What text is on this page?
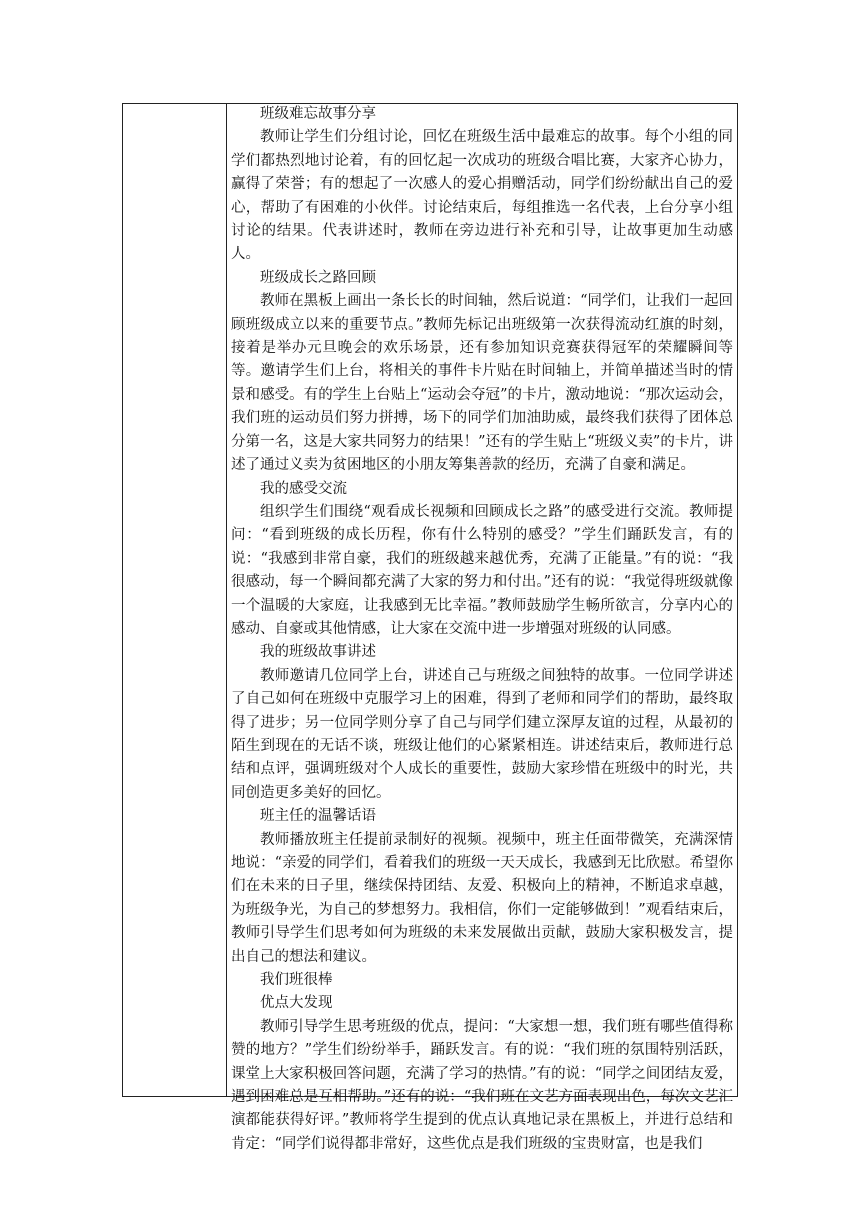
班级难忘故事分享

教师让学生们分组讨论，回忆在班级生活中最难忘的故事。每个小组的同学们都热烈地讨论着，有的回忆起一次成功的班级合唱比赛，大家齐心协力，赢得了荣誉；有的想起了一次感人的爱心捐赠活动，同学们纷纷献出自己的爱心，帮助了有困难的小伙伴。讨论结束后，每组推选一名代表，上台分享小组讨论的结果。代表讲述时，教师在旁边进行补充和引导，让故事更加生动感人。

班级成长之路回顾

教师在黑板上画出一条长长的时间轴，然后说道：“同学们，让我们一起回顾班级成立以来的重要节点。”教师先标记出班级第一次获得流动红旗的时刻，接着是举办元旦晚会的欢乐场景，还有参加知识竞赛获得冠军的荣耀瞬间等等。邀请学生们上台，将相关的事件卡片贴在时间轴上，并简单描述当时的情景和感受。有的学生上台贴上“运动会夺冠”的卡片，激动地说：“那次运动会，我们班的运动员们努力拼搏，场下的同学们加油助威，最终我们获得了团体总分第一名，这是大家共同努力的结果！”还有的学生贴上“班级义卖”的卡片，讲述了通过义卖为贫困地区的小朋友筹集善款的经历，充满了自豪和满足。

我的感受交流

组织学生们围绕“观看成长视频和回顾成长之路”的感受进行交流。教师提问：“看到班级的成长历程，你有什么特别的感受？”学生们踊跃发言，有的说：“我感到非常自豪，我们的班级越来越优秀，充满了正能量。”有的说：“我很感动，每一个瞬间都充满了大家的努力和付出。”还有的说：“我觉得班级就像一个温暖的大家庭，让我感到无比幸福。”教师鼓励学生畅所欲言，分享内心的感动、自豪或其他情感，让大家在交流中进一步增强对班级的认同感。

我的班级故事讲述

教师邀请几位同学上台，讲述自己与班级之间独特的故事。一位同学讲述了自己如何在班级中克服学习上的困难，得到了老师和同学们的帮助，最终取得了进步；另一位同学则分享了自己与同学们建立深厚友谊的过程，从最初的陌生到现在的无话不谈，班级让他们的心紧紧相连。讲述结束后，教师进行总结和点评，强调班级对个人成长的重要性，鼓励大家珍惜在班级中的时光，共同创造更多美好的回忆。

班主任的温馨话语

教师播放班主任提前录制好的视频。视频中，班主任面带微笑，充满深情地说：“亲爱的同学们，看着我们的班级一天天成长，我感到无比欣慰。希望你们在未来的日子里，继续保持团结、友爱、积极向上的精神，不断追求卓越，为班级争光，为自己的梦想努力。我相信，你们一定能够做到！”观看结束后，教师引导学生们思考如何为班级的未来发展做出贡献，鼓励大家积极发言，提出自己的想法和建议。

我们班很棒

优点大发现

教师引导学生思考班级的优点，提问：“大家想一想，我们班有哪些值得称赞的地方？”学生们纷纷举手，踊跃发言。有的说：“我们班的氛围特别活跃，课堂上大家积极回答问题，充满了学习的热情。”有的说：“同学之间团结友爱，遇到困难总是互相帮助。”还有的说：“我们班在文艺方面表现出色，每次文艺汇演都能获得好评。”教师将学生提到的优点认真地记录在黑板上，并进行总结和肯定：“同学们说得都非常好，这些优点是我们班级的宝贵财富，也是我们
